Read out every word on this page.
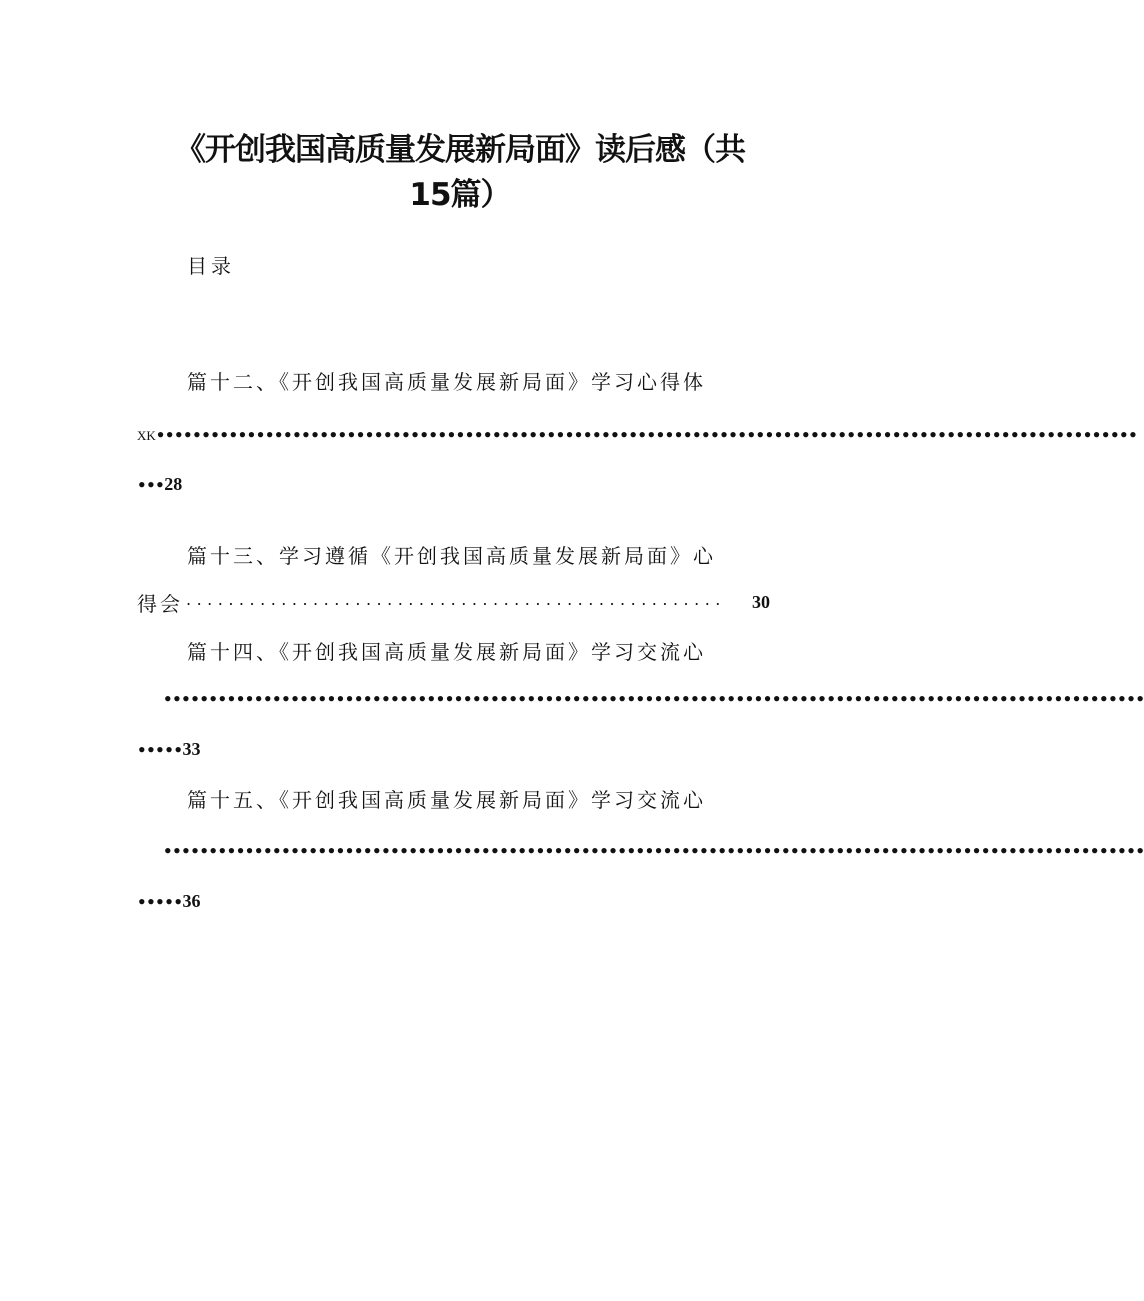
《开创我国高质量发展新局面》读后感（共
15篇）
目录
篇十二、《开创我国高质量发展新局面》学习心得体
XK••••••••••••••••••••••••••••••••••••••••••••••••••••••••••••••••••••••••••••••••••••••••••••••••••••••••••••
•••28
篇十三、学习遵循《开创我国高质量发展新局面》心
得会 ...................................................	30
篇十四、《开创我国高质量发展新局面》学习交流心
••••••••••••••••••••••••••••••••••••••••••••••••••••••••••••••••••••••••••••••••••••••••••••••••••••••••••••
•••••33
篇十五、《开创我国高质量发展新局面》学习交流心
••••••••••••••••••••••••••••••••••••••••••••••••••••••••••••••••••••••••••••••••••••••••••••••••••••••••••••
•••••36
